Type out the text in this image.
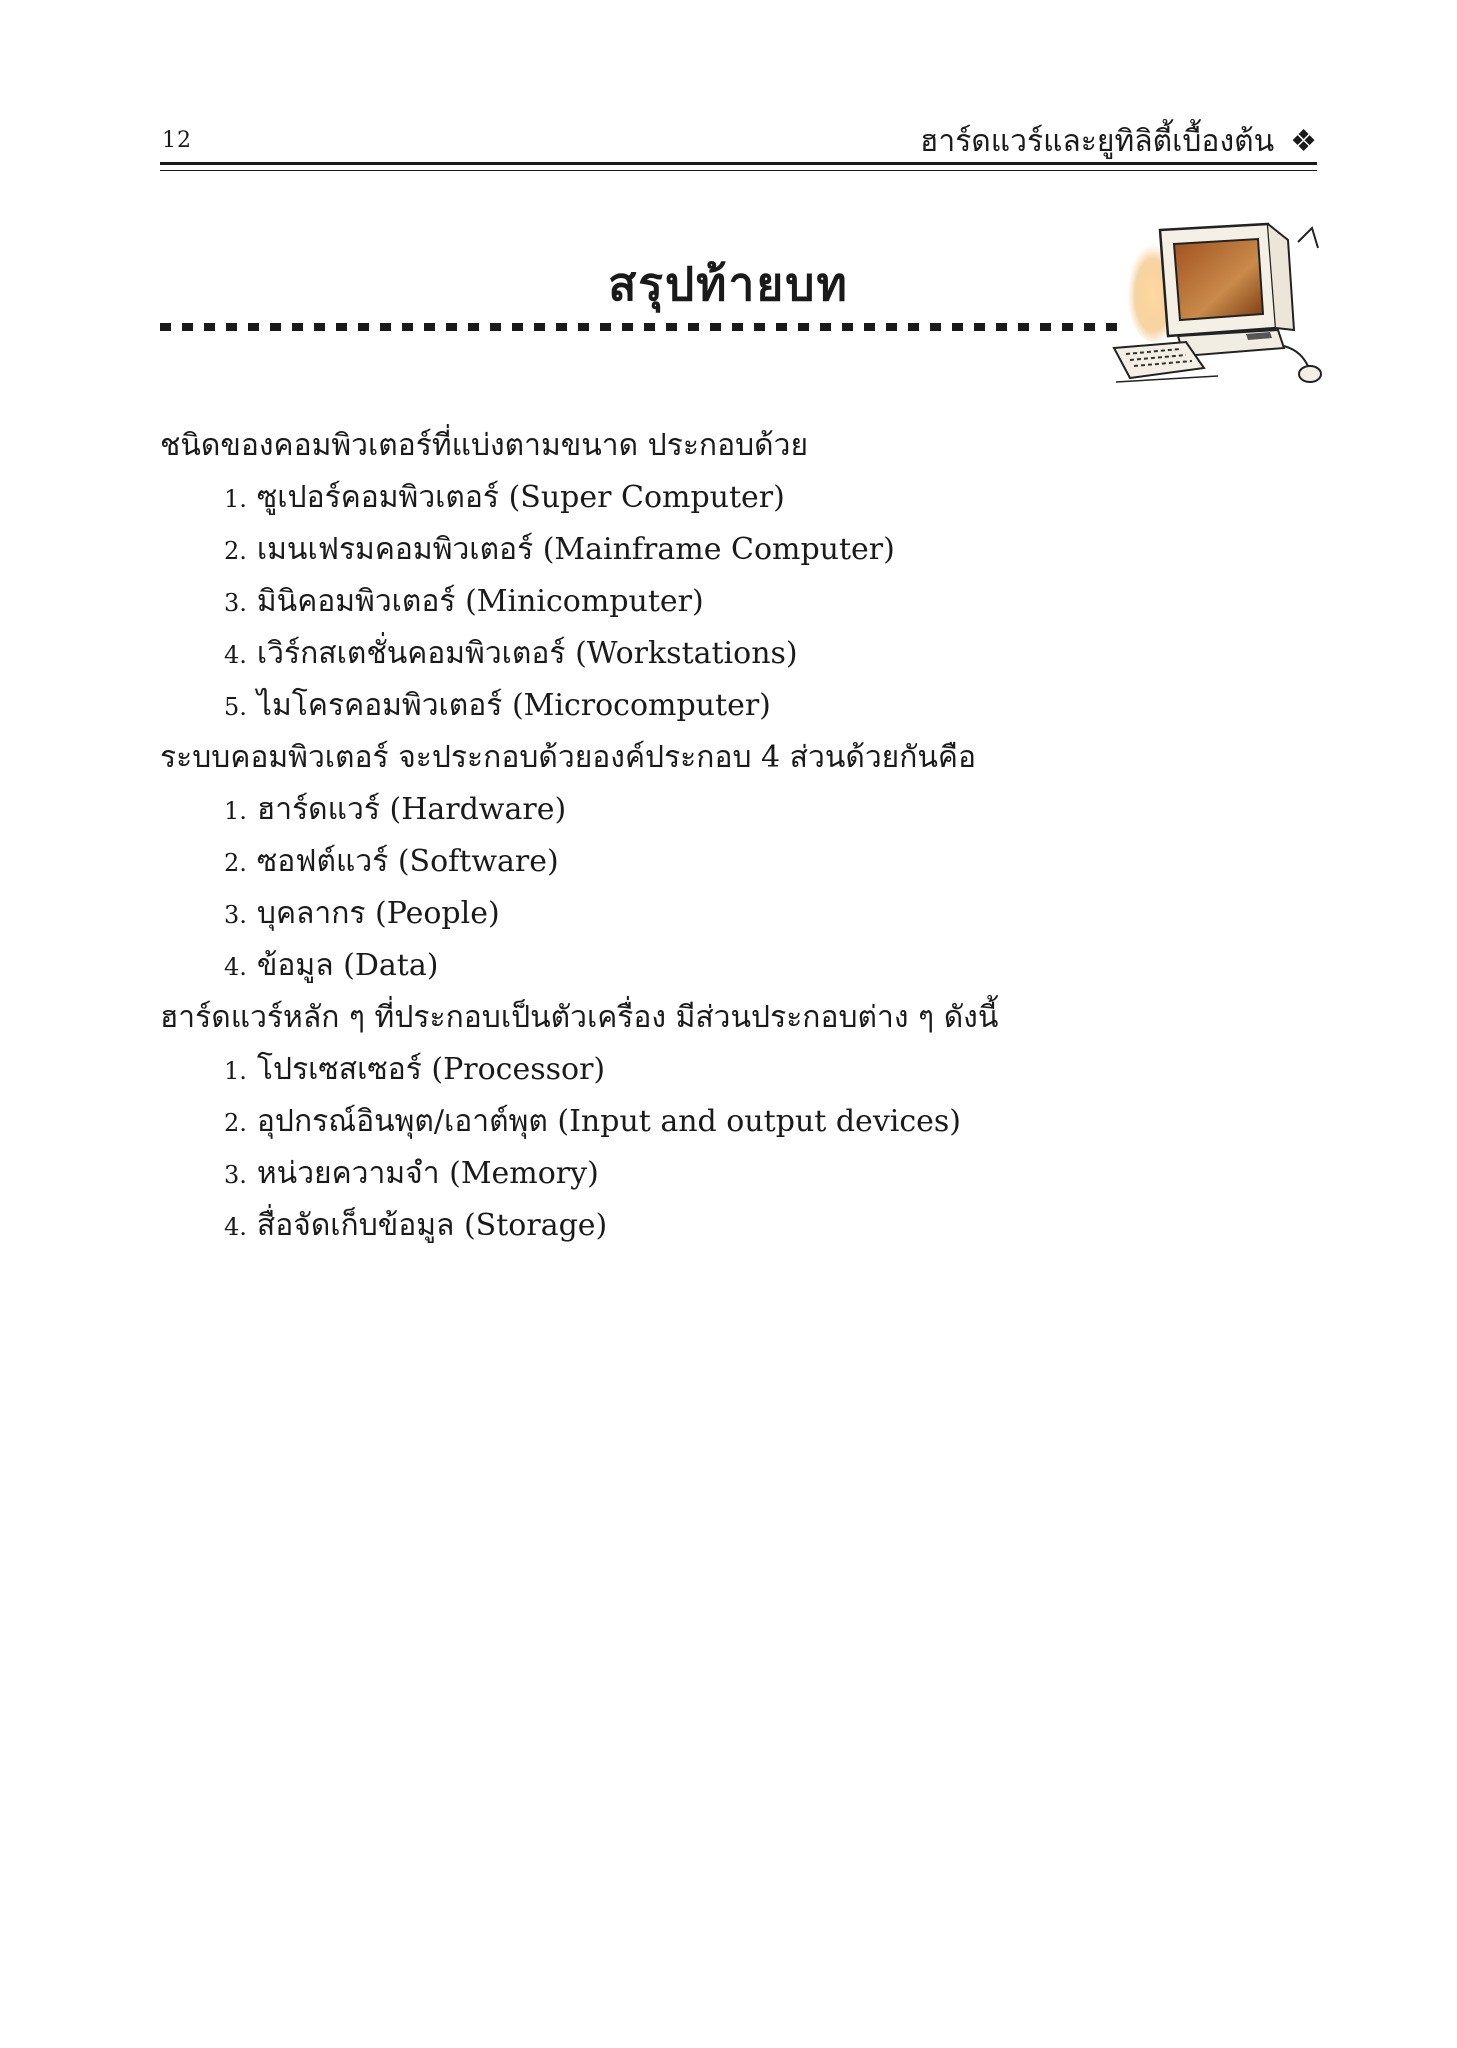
12	ฮาร์ดแวร์และยูทิลิตี้เบื้องต้น ❖
สรุปท้ายบท
ชนิดของคอมพิวเตอร์ที่แบ่งตามขนาด ประกอบด้วย
1. ซูเปอร์คอมพิวเตอร์ (Super Computer)
2. เมนเฟรมคอมพิวเตอร์ (Mainframe Computer)
3. มินิคอมพิวเตอร์ (Minicomputer)
4. เวิร์กสเตชั่นคอมพิวเตอร์ (Workstations)
5. ไมโครคอมพิวเตอร์ (Microcomputer)
ระบบคอมพิวเตอร์ จะประกอบด้วยองค์ประกอบ 4 ส่วนด้วยกันคือ
1. ฮาร์ดแวร์ (Hardware)
2. ซอฟต์แวร์ (Software)
3. บุคลากร (People)
4. ข้อมูล (Data)
ฮาร์ดแวร์หลัก ๆ ที่ประกอบเป็นตัวเครื่อง มีส่วนประกอบต่าง ๆ ดังนี้
1. โปรเซสเซอร์ (Processor)
2. อุปกรณ์อินพุต/เอาต์พุต (Input and output devices)
3. หน่วยความจำ (Memory)
4. สื่อจัดเก็บข้อมูล (Storage)
